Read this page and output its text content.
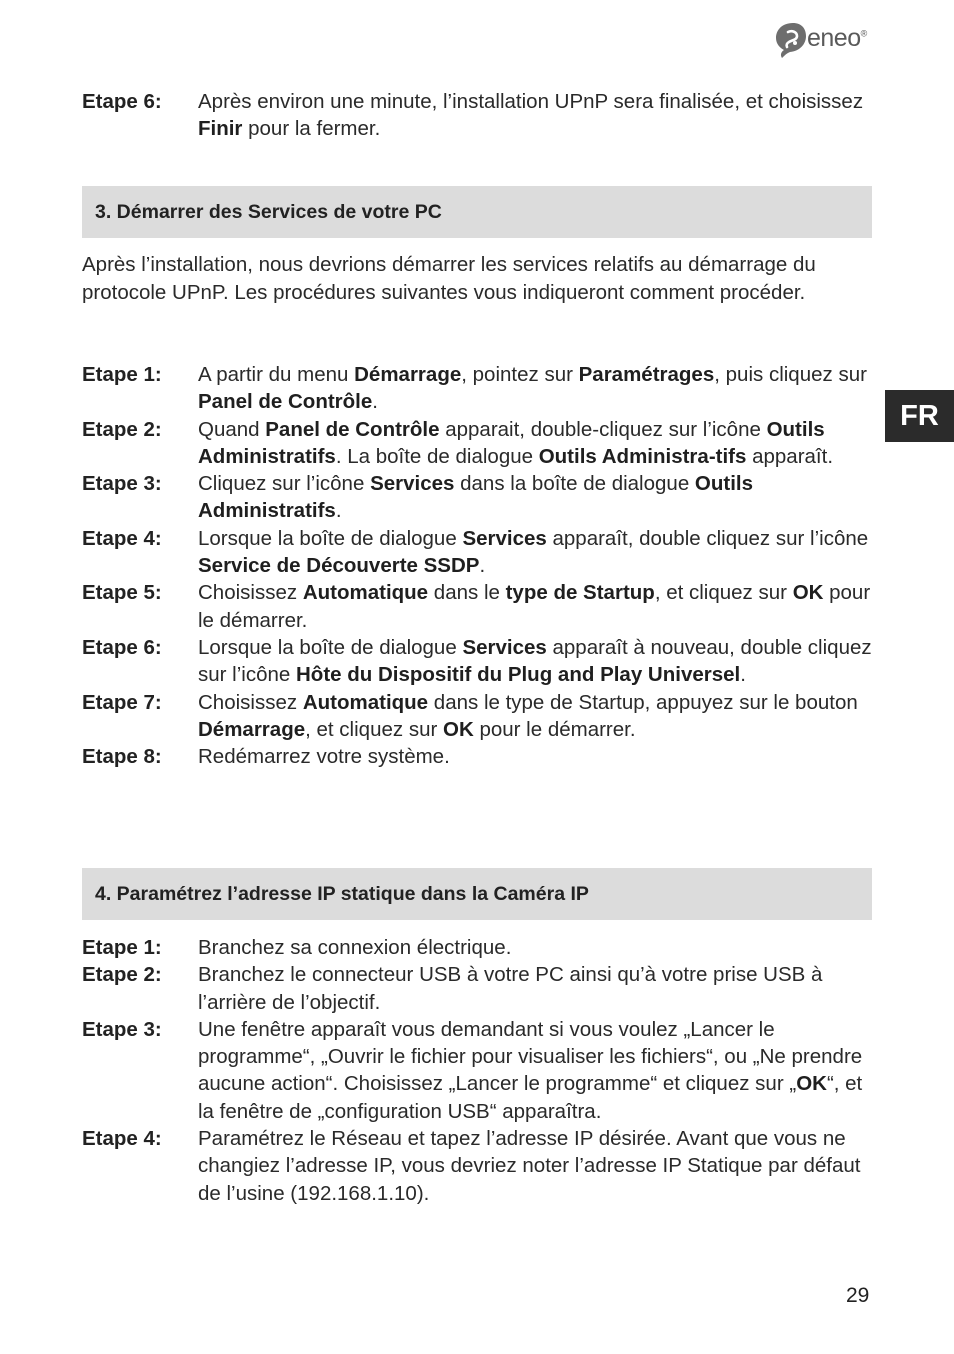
eneo®
FR
Etape 6:	Après environ une minute, l’installation UPnP sera finalisée, et choisissez Finir pour la fermer.
3. Démarrer des Services de votre PC
Après l’installation, nous devrions démarrer les services relatifs au démarrage du protocole UPnP. Les procédures suivantes vous indiqueront comment procéder.
Etape 1:	A partir du menu Démarrage, pointez sur Paramétrages, puis cliquez sur Panel de Contrôle.
Etape 2:	Quand Panel de Contrôle apparait, double-cliquez sur l’icône Outils Administratifs. La boîte de dialogue Outils Administra-tifs apparaît.
Etape 3:	Cliquez sur l’icône Services dans la boîte de dialogue Outils Administratifs.
Etape 4:	Lorsque la boîte de dialogue Services apparaît, double cliquez sur l’icône Service de Découverte SSDP.
Etape 5:	Choisissez Automatique dans le type de Startup, et cliquez sur OK pour le démarrer.
Etape 6:	Lorsque la boîte de dialogue Services apparaît à nouveau, double cliquez sur l’icône Hôte du Dispositif du Plug and Play Universel.
Etape 7:	Choisissez Automatique dans le type de Startup, appuyez sur le bouton Démarrage, et cliquez sur OK pour le démarrer.
Etape 8:	Redémarrez votre système.
4. Paramétrez l’adresse IP statique dans la Caméra IP
Etape 1:	Branchez sa connexion électrique.
Etape 2:	Branchez le connecteur USB à votre PC ainsi qu’à votre prise USB à l’arrière de l’objectif.
Etape 3:	Une fenêtre apparaît vous demandant si vous voulez „Lancer le programme“, „Ouvrir le fichier pour visualiser les fichiers“, ou „Ne prendre aucune action“. Choisissez „Lancer le programme“ et cliquez sur „OK“, et la fenêtre de „configuration USB“ apparaîtra.
Etape 4:	Paramétrez le Réseau et tapez l’adresse IP désirée. Avant que vous ne changiez l’adresse IP, vous devriez noter l’adresse IP Statique par défaut de l’usine (192.168.1.10).
29
